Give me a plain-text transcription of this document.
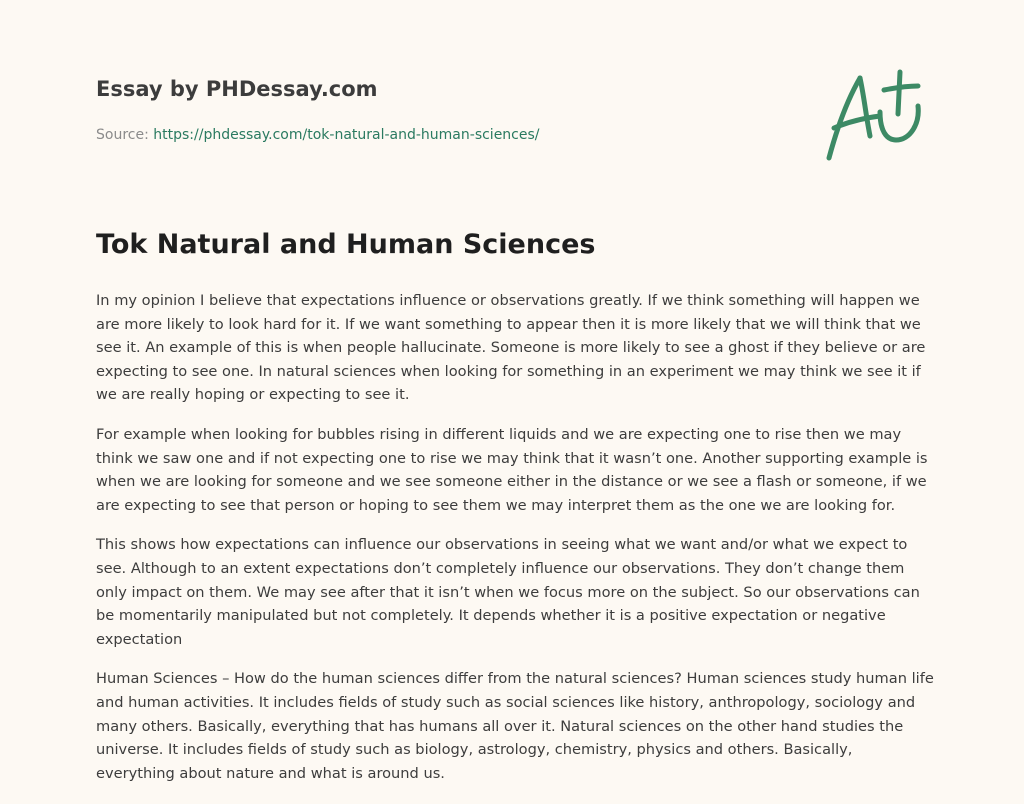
Essay by PHDessay.com

Source: https://phdessay.com/tok-natural-and-human-sciences/
Tok Natural and Human Sciences

In my opinion I believe that expectations influence or observations greatly. If we think something will happen we are more likely to look hard for it. If we want something to appear then it is more likely that we will think that we see it. An example of this is when people hallucinate. Someone is more likely to see a ghost if they believe or are expecting to see one. In natural sciences when looking for something in an experiment we may think we see it if we are really hoping or expecting to see it.

For example when looking for bubbles rising in different liquids and we are expecting one to rise then we may think we saw one and if not expecting one to rise we may think that it wasn’t one. Another supporting example is when we are looking for someone and we see someone either in the distance or we see a flash or someone, if we are expecting to see that person or hoping to see them we may interpret them as the one we are looking for.

This shows how expectations can influence our observations in seeing what we want and/or what we expect to see. Although to an extent expectations don’t completely influence our observations. They don’t change them only impact on them. We may see after that it isn’t when we focus more on the subject. So our observations can be momentarily manipulated but not completely. It depends whether it is a positive expectation or negative expectation

Human Sciences – How do the human sciences differ from the natural sciences? Human sciences study human life and human activities. It includes fields of study such as social sciences like history, anthropology, sociology and many others. Basically, everything that has humans all over it. Natural sciences on the other hand studies the universe. It includes fields of study such as biology, astrology, chemistry, physics and others. Basically, everything about nature and what is around us.
